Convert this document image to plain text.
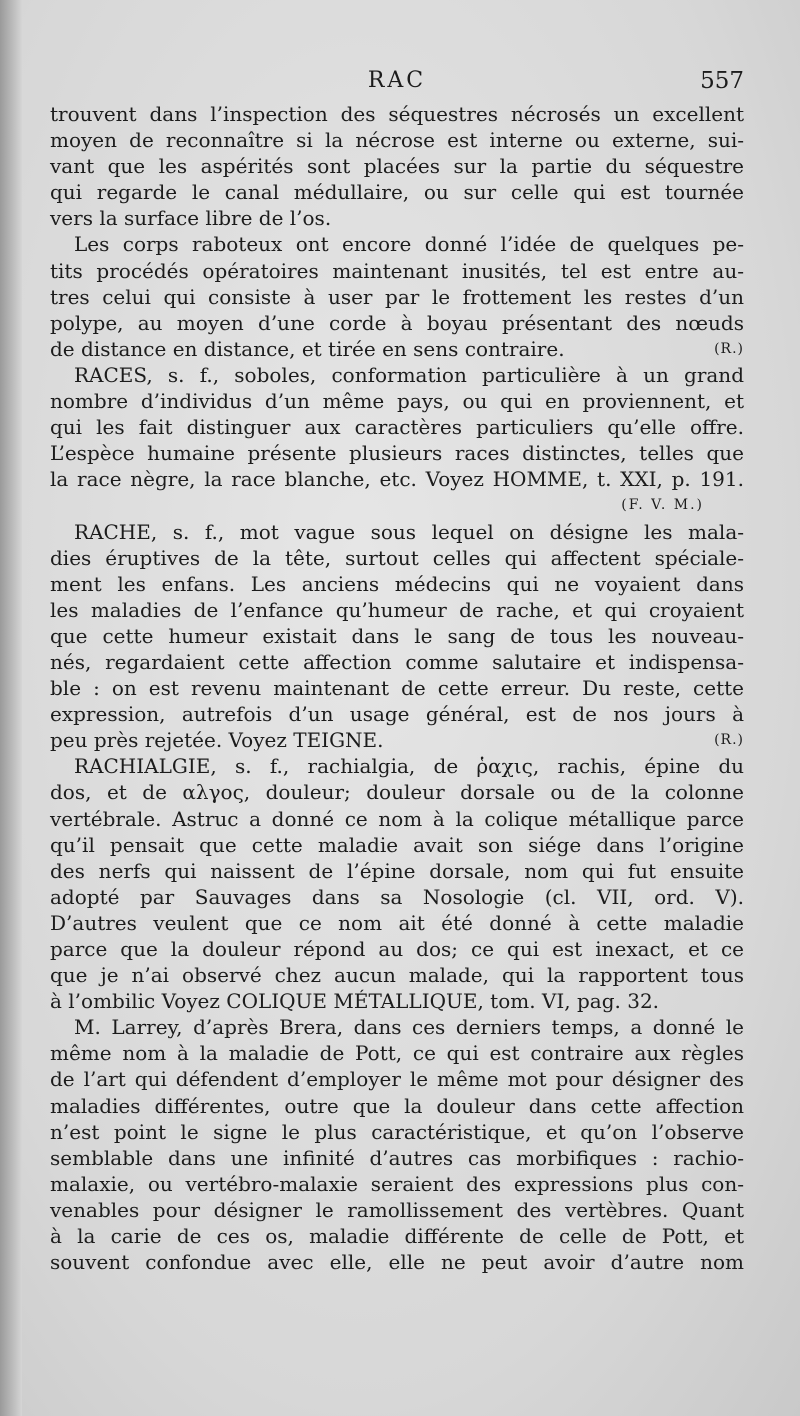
RAC	557
trouvent dans l’inspection des séquestres nécrosés un excellent
moyen de reconnaître si la nécrose est interne ou externe, sui-
vant que les aspérités sont placées sur la partie du séquestre
qui regarde le canal médullaire, ou sur celle qui est tournée
vers la surface libre de l’os.
Les corps raboteux ont encore donné l’idée de quelques pe-
tits procédés opératoires maintenant inusités, tel est entre au-
tres celui qui consiste à user par le frottement les restes d’un
polype, au moyen d’une corde à boyau présentant des nœuds
de distance en distance, et tirée en sens contraire.	(R.)
RACES, s. f., soboles, conformation particulière à un grand
nombre d’individus d’un même pays, ou qui en proviennent, et
qui les fait distinguer aux caractères particuliers qu’elle offre.
L’espèce humaine présente plusieurs races distinctes, telles que
la race nègre, la race blanche, etc. Voyez HOMME, t. XXI, p. 191.
(F. V. M.)
RACHE, s. f., mot vague sous lequel on désigne les mala-
dies éruptives de la tête, surtout celles qui affectent spéciale-
ment les enfans. Les anciens médecins qui ne voyaient dans
les maladies de l’enfance qu’humeur de rache, et qui croyaient
que cette humeur existait dans le sang de tous les nouveau-
nés, regardaient cette affection comme salutaire et indispensa-
ble : on est revenu maintenant de cette erreur. Du reste, cette
expression, autrefois d’un usage général, est de nos jours à
peu près rejetée. Voyez TEIGNE.	(R.)
RACHIALGIE, s. f., rachialgia, de ῥαχις, rachis, épine du
dos, et de αλγος, douleur; douleur dorsale ou de la colonne
vertébrale. Astruc a donné ce nom à la colique métallique parce
qu’il pensait que cette maladie avait son siége dans l’origine
des nerfs qui naissent de l’épine dorsale, nom qui fut ensuite
adopté par Sauvages dans sa Nosologie (cl. VII, ord. V).
D’autres veulent que ce nom ait été donné à cette maladie
parce que la douleur répond au dos; ce qui est inexact, et ce
que je n’ai observé chez aucun malade, qui la rapportent tous
à l’ombilic Voyez COLIQUE MÉTALLIQUE, tom. VI, pag. 32.
M. Larrey, d’après Brera, dans ces derniers temps, a donné le
même nom à la maladie de Pott, ce qui est contraire aux règles
de l’art qui défendent d’employer le même mot pour désigner des
maladies différentes, outre que la douleur dans cette affection
n’est point le signe le plus caractéristique, et qu’on l’observe
semblable dans une infinité d’autres cas morbifiques : rachio-
malaxie, ou vertébro-malaxie seraient des expressions plus con-
venables pour désigner le ramollissement des vertèbres. Quant
à la carie de ces os, maladie différente de celle de Pott, et
souvent confondue avec elle, elle ne peut avoir d’autre nom
